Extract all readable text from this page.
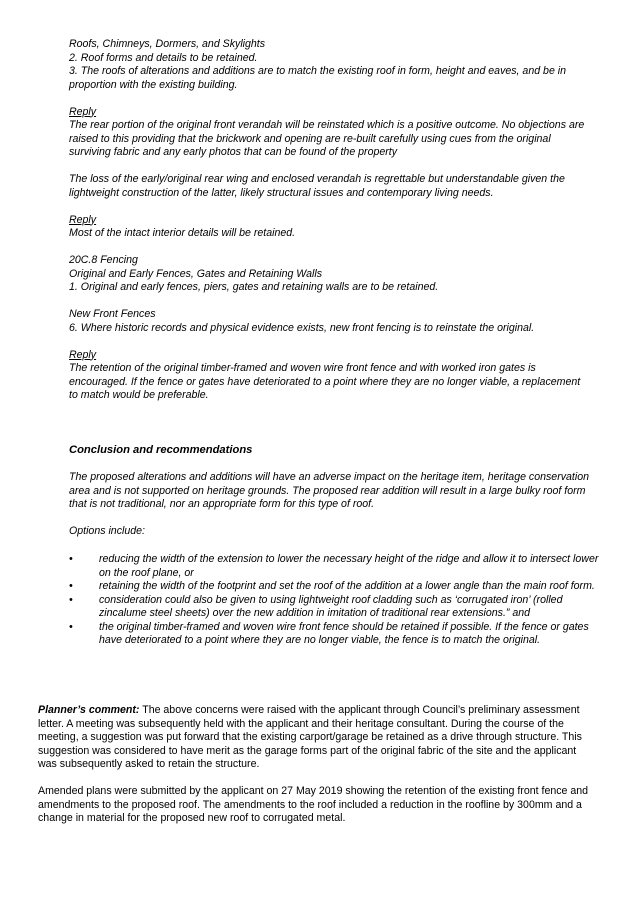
Roofs, Chimneys, Dormers, and Skylights

2. Roof forms and details to be retained.

3. The roofs of alterations and additions are to match the existing roof in form, height and eaves, and be in proportion with the existing building.

Reply

The rear portion of the original front verandah will be reinstated which is a positive outcome. No objections are raised to this providing that the brickwork and opening are re-built carefully using cues from the original surviving fabric and any early photos that can be found of the property

The loss of the early/original rear wing and enclosed verandah is regrettable but understandable given the lightweight construction of the latter, likely structural issues and contemporary living needs.

Reply

Most of the intact interior details will be retained.

20C.8 Fencing

Original and Early Fences, Gates and Retaining Walls

1. Original and early fences, piers, gates and retaining walls are to be retained.

New Front Fences

6. Where historic records and physical evidence exists, new front fencing is to reinstate the original.

Reply

The retention of the original timber-framed and woven wire front fence and with worked iron gates is encouraged. If the fence or gates have deteriorated to a point where they are no longer viable, a replacement to match would be preferable.

Conclusion and recommendations

The proposed alterations and additions will have an adverse impact on the heritage item, heritage conservation area and is not supported on heritage grounds. The proposed rear addition will result in a large bulky roof form that is not traditional, nor an appropriate form for this type of roof.

Options include:

• reducing the width of the extension to lower the necessary height of the ridge and allow it to intersect lower on the roof plane, or
• retaining the width of the footprint and set the roof of the addition at a lower angle than the main roof form.
• consideration could also be given to using lightweight roof cladding such as ‘corrugated iron’ (rolled zincalume steel sheets) over the new addition in imitation of traditional rear extensions.” and
• the original timber-framed and woven wire front fence should be retained if possible. If the fence or gates have deteriorated to a point where they are no longer viable, the fence is to match the original.

Planner’s comment: The above concerns were raised with the applicant through Council’s preliminary assessment letter. A meeting was subsequently held with the applicant and their heritage consultant. During the course of the meeting, a suggestion was put forward that the existing carport/garage be retained as a drive through structure. This suggestion was considered to have merit as the garage forms part of the original fabric of the site and the applicant was subsequently asked to retain the structure.

Amended plans were submitted by the applicant on 27 May 2019 showing the retention of the existing front fence and amendments to the proposed roof. The amendments to the roof included a reduction in the roofline by 300mm and a change in material for the proposed new roof to corrugated metal.
